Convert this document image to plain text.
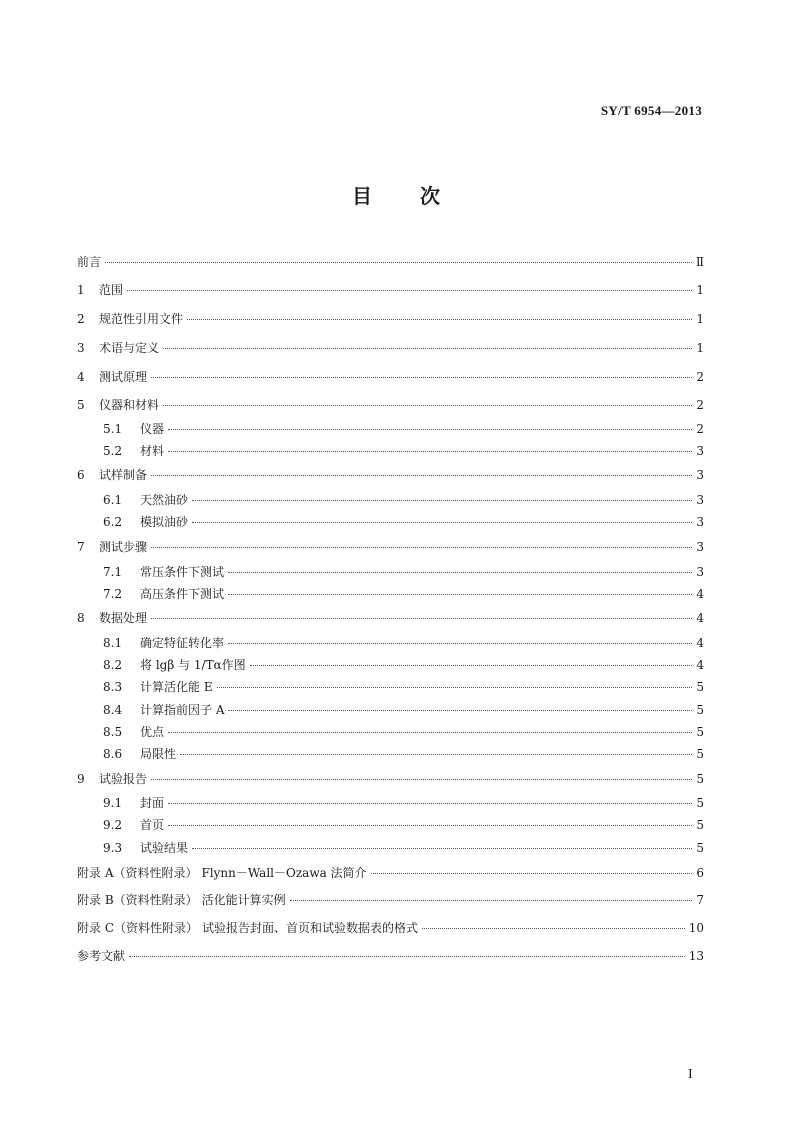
SY/T 6954—2013
目 次
前言	Ⅱ
1	范围	1
2	规范性引用文件	1
3	术语与定义	1
4	测试原理	2
5	仪器和材料	2
5.1	仪器	2
5.2	材料	3
6	试样制备	3
6.1	天然油砂	3
6.2	模拟油砂	3
7	测试步骤	3
7.1	常压条件下测试	3
7.2	高压条件下测试	4
8	数据处理	4
8.1	确定特征转化率	4
8.2	将 lgβ 与 1/Tα作图	4
8.3	计算活化能 E	5
8.4	计算指前因子 A	5
8.5	优点	5
8.6	局限性	5
9	试验报告	5
9.1	封面	5
9.2	首页	5
9.3	试验结果	5
附录 A（资料性附录） Flynn－Wall－Ozawa 法简介	6
附录 B（资料性附录） 活化能计算实例	7
附录 C（资料性附录） 试验报告封面、首页和试验数据表的格式	10
参考文献	13
I
